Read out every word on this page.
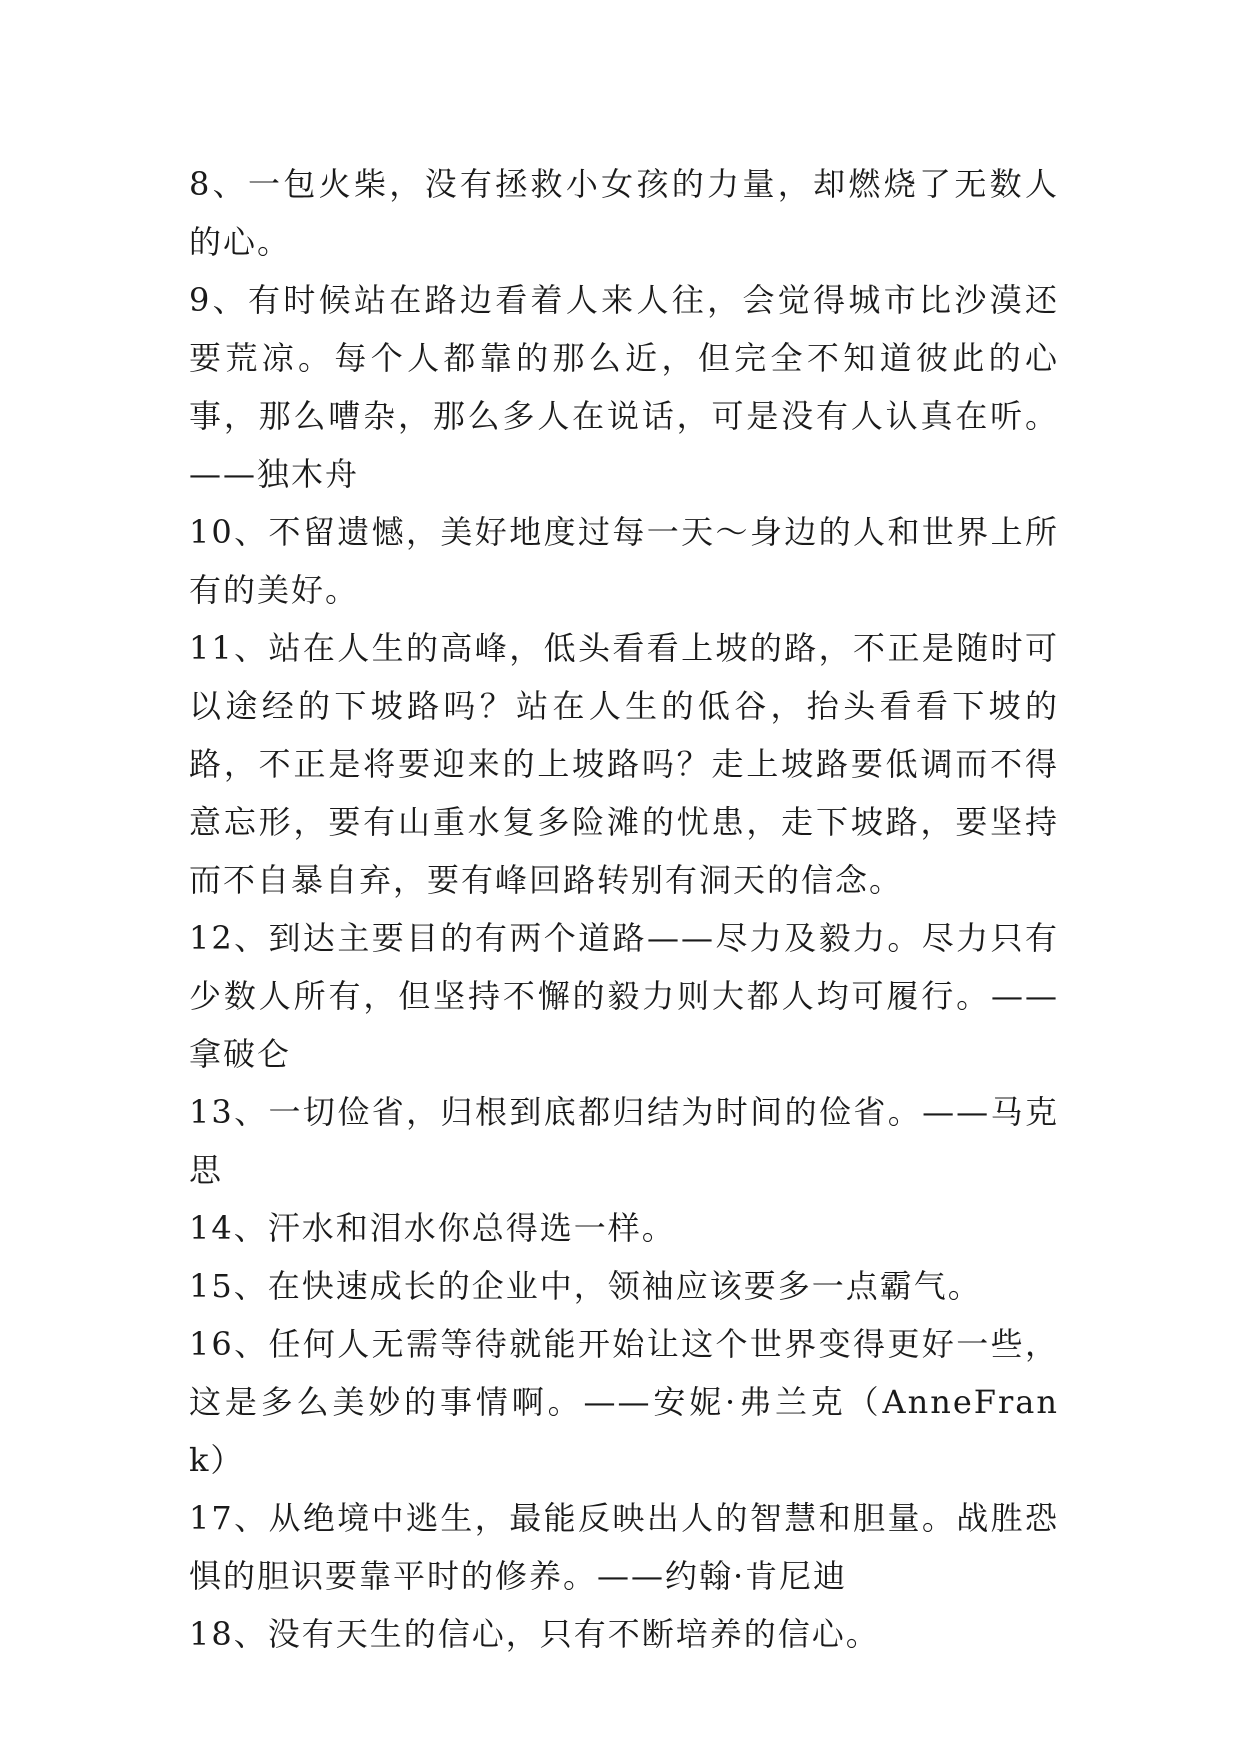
8、一包火柴，没有拯救小女孩的力量，却燃烧了无数人的心。

9、有时候站在路边看着人来人往，会觉得城市比沙漠还要荒凉。每个人都靠的那么近，但完全不知道彼此的心事，那么嘈杂，那么多人在说话，可是没有人认真在听。——独木舟

10、不留遗憾，美好地度过每一天～身边的人和世界上所有的美好。

11、站在人生的高峰，低头看看上坡的路，不正是随时可以途经的下坡路吗？站在人生的低谷，抬头看看下坡的路，不正是将要迎来的上坡路吗？走上坡路要低调而不得意忘形，要有山重水复多险滩的忧患，走下坡路，要坚持而不自暴自弃，要有峰回路转别有洞天的信念。

12、到达主要目的有两个道路——尽力及毅力。尽力只有少数人所有，但坚持不懈的毅力则大都人均可履行。——拿破仑

13、一切俭省，归根到底都归结为时间的俭省。——马克思

14、汗水和泪水你总得选一样。

15、在快速成长的企业中，领袖应该要多一点霸气。

16、任何人无需等待就能开始让这个世界变得更好一些，这是多么美妙的事情啊。——安妮·弗兰克（AnneFrank）

17、从绝境中逃生，最能反映出人的智慧和胆量。战胜恐惧的胆识要靠平时的修养。——约翰·肯尼迪

18、没有天生的信心，只有不断培养的信心。
